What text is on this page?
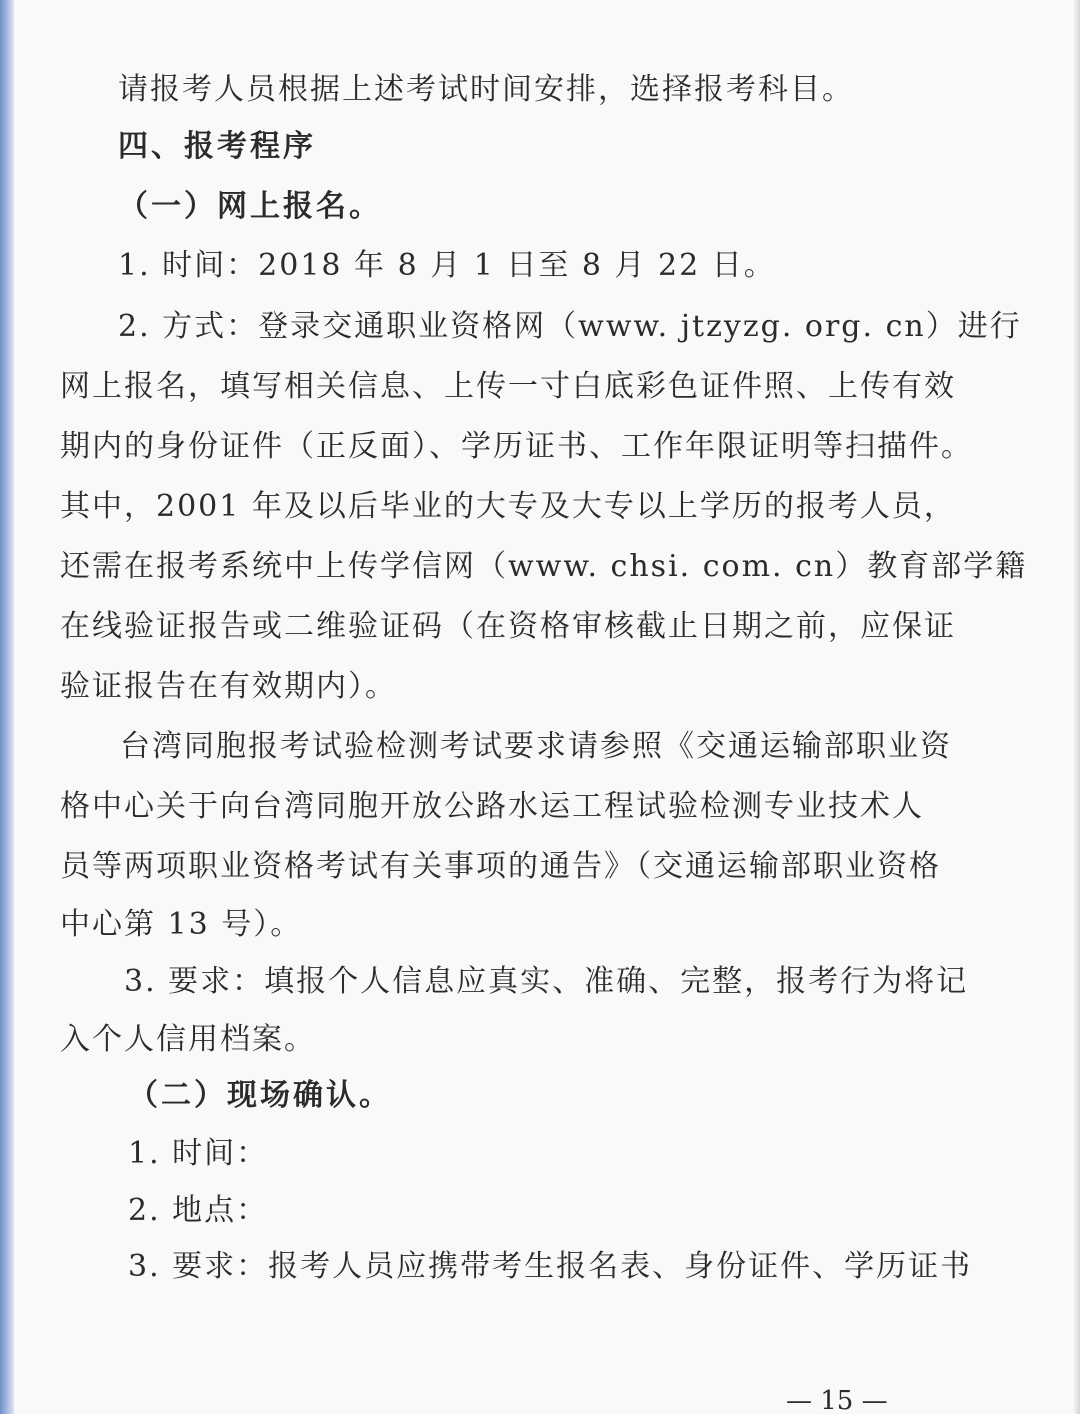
请报考人员根据上述考试时间安排，选择报考科目。

四、报考程序

（一）网上报名。

1. 时间：2018 年 8 月 1 日至 8 月 22 日。

2. 方式：登录交通职业资格网（www. jtzyzg. org. cn）进行

网上报名，填写相关信息、上传一寸白底彩色证件照、上传有效

期内的身份证件（正反面）、学历证书、工作年限证明等扫描件。

其中，2001 年及以后毕业的大专及大专以上学历的报考人员，

还需在报考系统中上传学信网（www. chsi. com. cn）教育部学籍

在线验证报告或二维验证码（在资格审核截止日期之前，应保证

验证报告在有效期内）。

台湾同胞报考试验检测考试要求请参照《交通运输部职业资

格中心关于向台湾同胞开放公路水运工程试验检测专业技术人

员等两项职业资格考试有关事项的通告》（交通运输部职业资格

中心第 13 号）。

3. 要求：填报个人信息应真实、准确、完整，报考行为将记

入个人信用档案。

（二）现场确认。

1. 时间：

2. 地点：

3. 要求：报考人员应携带考生报名表、身份证件、学历证书

— 15 —
